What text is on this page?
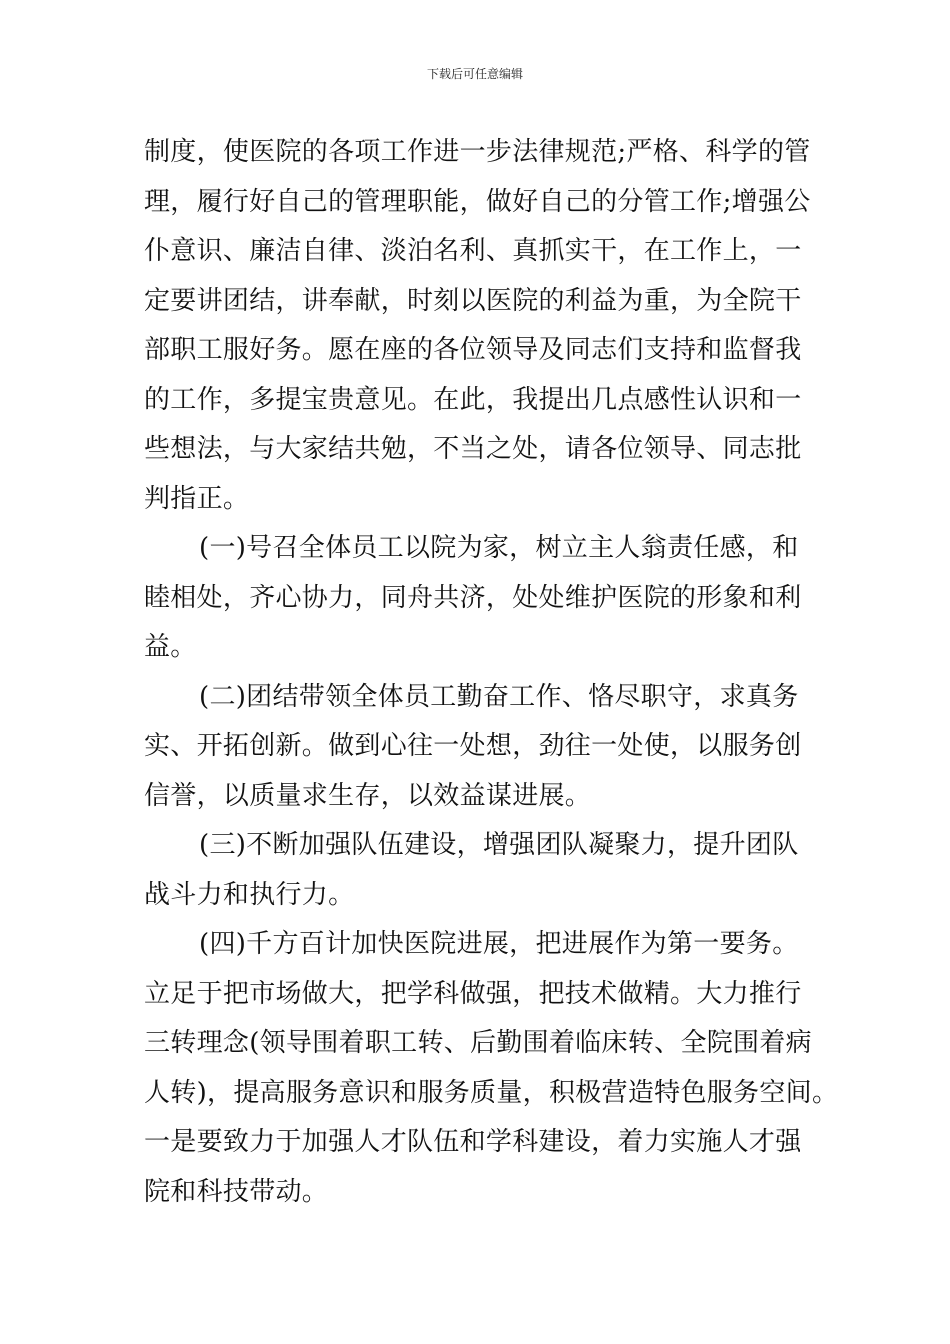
下载后可任意编辑
制度，使医院的各项工作进一步法律规范;严格、科学的管
理，履行好自己的管理职能，做好自己的分管工作;增强公
仆意识、廉洁自律、淡泊名利、真抓实干，在工作上，一
定要讲团结，讲奉献，时刻以医院的利益为重，为全院干
部职工服好务。愿在座的各位领导及同志们支持和监督我
的工作，多提宝贵意见。在此，我提出几点感性认识和一
些想法，与大家结共勉，不当之处，请各位领导、同志批
判指正。
(一)号召全体员工以院为家，树立主人翁责任感，和
睦相处，齐心协力，同舟共济，处处维护医院的形象和利
益。
(二)团结带领全体员工勤奋工作、恪尽职守，求真务
实、开拓创新。做到心往一处想，劲往一处使，以服务创
信誉，以质量求生存，以效益谋进展。
(三)不断加强队伍建设，增强团队凝聚力，提升团队
战斗力和执行力。
(四)千方百计加快医院进展，把进展作为第一要务。
立足于把市场做大，把学科做强，把技术做精。大力推行
三转理念(领导围着职工转、后勤围着临床转、全院围着病
人转)，提高服务意识和服务质量，积极营造特色服务空间。
一是要致力于加强人才队伍和学科建设，着力实施人才强
院和科技带动。
